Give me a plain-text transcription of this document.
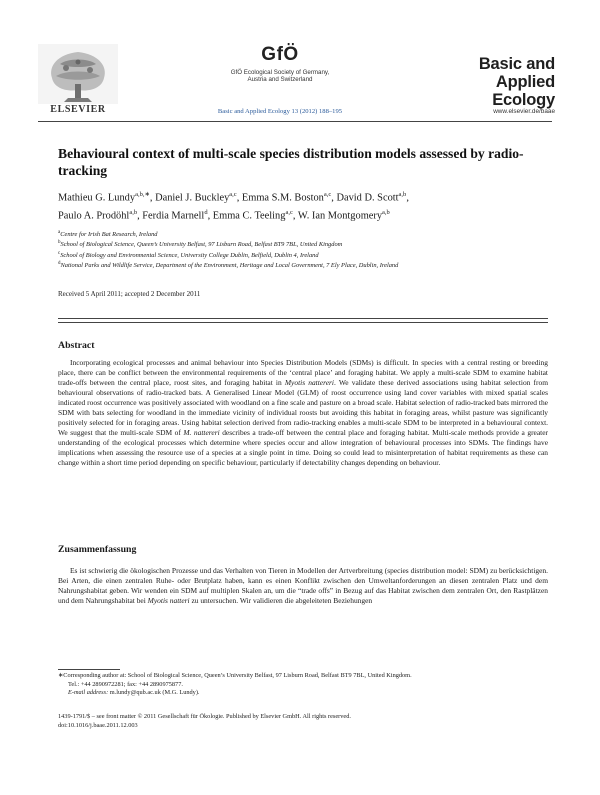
ELSEVIER
GfÖ
GfÖ Ecological Society of Germany,
Austria and Switzerland
Basic and Applied Ecology 13 (2012) 188–195
Basic and
Applied Ecology
www.elsevier.de/baae
Behavioural context of multi-scale species distribution models assessed by radio-tracking
Mathieu G. Lundy$^{a,b,∗}$, Daniel J. Buckley$^{a,c}$, Emma S.M. Boston$^{a,c}$, David D. Scott$^{a,b}$,
Paulo A. Prodöhl$^{a,b}$, Ferdia Marnell$^d$, Emma C. Teeling$^{a,c}$, W. Ian Montgomery$^{a,b}$
$^a$Centre for Irish Bat Research, Ireland
$^b$School of Biological Science, Queen’s University Belfast, 97 Lisburn Road, Belfast BT9 7BL, United Kingdom
$^c$School of Biology and Environmental Science, University College Dublin, Belfield, Dublin 4, Ireland
$^d$National Parks and Wildlife Service, Department of the Environment, Heritage and Local Government, 7 Ely Place, Dublin, Ireland
Received 5 April 2011; accepted 2 December 2011
Abstract

Incorporating ecological processes and animal behaviour into Species Distribution Models (SDMs) is difficult. In species with a central resting or breeding place, there can be conflict between the environmental requirements of the ‘central place’ and foraging habitat. We apply a multi-scale SDM to examine habitat trade-offs between the central place, roost sites, and foraging habitat in Myotis nattereri. We validate these derived associations using habitat selection from behavioural observations of radio-tracked bats. A Generalised Linear Model (GLM) of roost occurrence using land cover variables with mixed spatial scales indicated roost occurrence was positively associated with woodland on a fine scale and pasture on a broad scale. Habitat selection of radio-tracked bats mirrored the SDM with bats selecting for woodland in the immediate vicinity of individual roosts but avoiding this habitat in foraging areas, whilst pasture was significantly positively selected for in foraging areas. Using habitat selection derived from radio-tracking enables a multi-scale SDM to be interpreted in a behavioural context. We suggest that the multi-scale SDM of M. nattereri describes a trade-off between the central place and foraging habitat. Multi-scale methods provide a greater understanding of the ecological processes which determine where species occur and allow integration of behavioural processes into SDMs. The findings have implications when assessing the resource use of a species at a single point in time. Doing so could lead to misinterpretation of habitat requirements as these can change within a short time period depending on specific behaviour, particularly if detectability changes depending on behaviour.

Zusammenfassung

Es ist schwierig die ökologischen Prozesse und das Verhalten von Tieren in Modellen der Artverbreitung (species distribution model: SDM) zu berücksichtigen. Bei Arten, die einen zentralen Ruhe- oder Brutplatz haben, kann es einen Konflikt zwischen den Umweltanforderungen an diesen zentralen Platz und dem Nahrungshabitat geben. Wir wenden ein SDM auf multiplen Skalen an, um die “trade offs” in Bezug auf das Habitat zwischen dem zentralen Ort, den Rastplätzen und dem Nahrungshabitat bei Myotis natteri zu untersuchen. Wir validieren die abgeleiteten Beziehungen

∗Corresponding author at: School of Biological Science, Queen’s University Belfast, 97 Lisburn Road, Belfast BT9 7BL, United Kingdom.

Tel.: +44 2890972281; fax: +44 2890975877.

E-mail address: m.lundy@qub.ac.uk (M.G. Lundy).

1439-1791/$ – see front matter © 2011 Gesellschaft für Ökologie. Published by Elsevier GmbH. All rights reserved.

doi:10.1016/j.baae.2011.12.003
